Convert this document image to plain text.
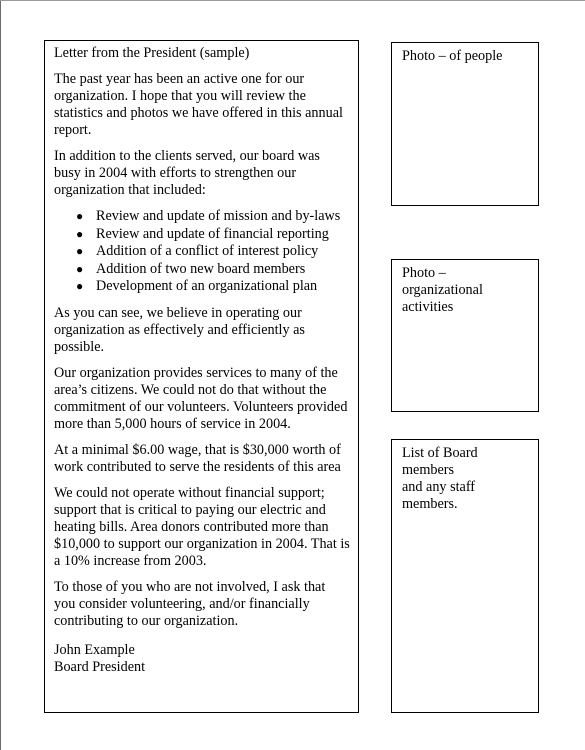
Letter from the President (sample)

The past year has been an active one for our organization. I hope that you will review the statistics and photos we have offered in this annual report.

In addition to the clients served, our board was busy in 2004 with efforts to strengthen our organization that included:

● Review and update of mission and by-laws
● Review and update of financial reporting
● Addition of a conflict of interest policy
● Addition of two new board members
● Development of an organizational plan

As you can see, we believe in operating our organization as effectively and efficiently as possible.

Our organization provides services to many of the area’s citizens. We could not do that without the commitment of our volunteers. Volunteers provided more than 5,000 hours of service in 2004.

At a minimal $6.00 wage, that is $30,000 worth of work contributed to serve the residents of this area

We could not operate without financial support; support that is critical to paying our electric and heating bills. Area donors contributed more than $10,000 to support our organization in 2004. That is a 10% increase from 2003.

To those of you who are not involved, I ask that you consider volunteering, and/or financially contributing to our organization.

John Example
Board President
Photo – of people
Photo –
organizational
activities
List of Board members
and any staff members.
